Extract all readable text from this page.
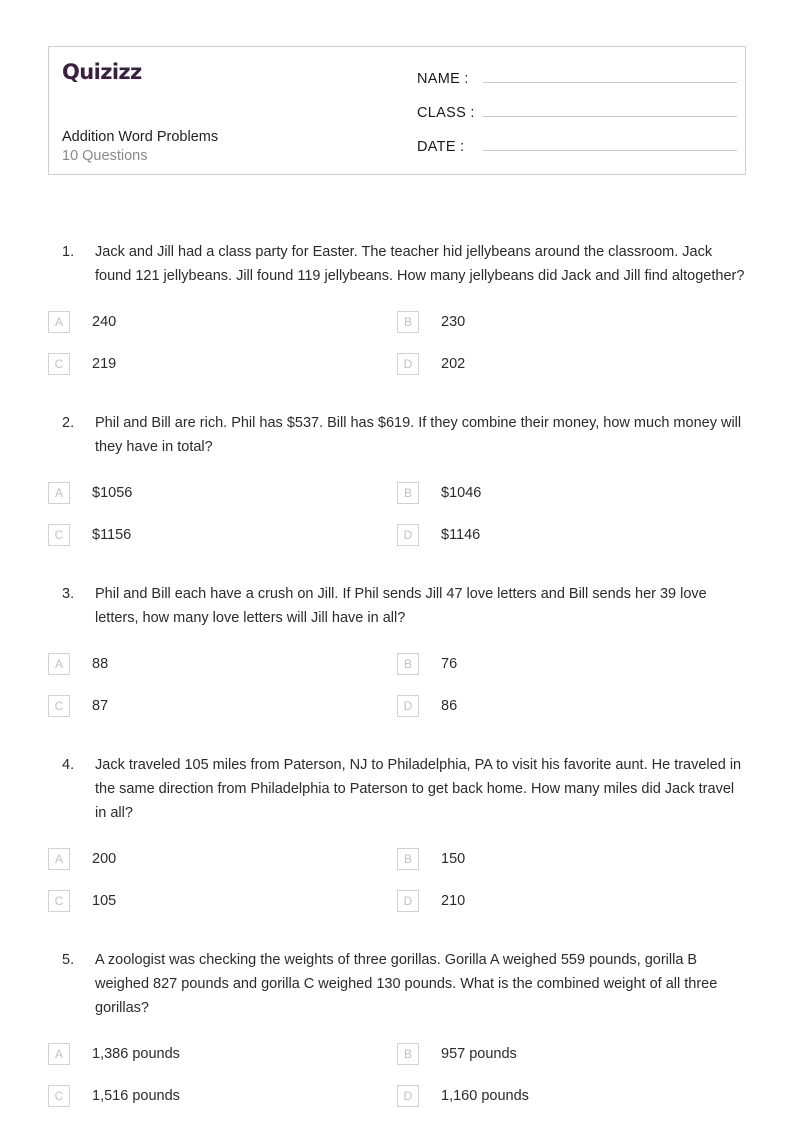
Quizizz
Addition Word Problems
10 Questions
NAME :
CLASS :
DATE :
1.	Jack and Jill had a class party for Easter. The teacher hid jellybeans around the classroom. Jack found 121 jellybeans. Jill found 119 jellybeans. How many jellybeans did Jack and Jill find altogether?
A	240	B	230
C	219	D	202
2.	Phil and Bill are rich. Phil has $537. Bill has $619. If they combine their money, how much money will they have in total?
A	$1056	B	$1046
C	$1156	D	$1146
3.	Phil and Bill each have a crush on Jill. If Phil sends Jill 47 love letters and Bill sends her 39 love letters, how many love letters will Jill have in all?
A	88	B	76
C	87	D	86
4.	Jack traveled 105 miles from Paterson, NJ to Philadelphia, PA to visit his favorite aunt. He traveled in the same direction from Philadelphia to Paterson to get back home. How many miles did Jack travel in all?
A	200	B	150
C	105	D	210
5.	A zoologist was checking the weights of three gorillas. Gorilla A weighed 559 pounds, gorilla B weighed 827 pounds and gorilla C weighed 130 pounds. What is the combined weight of all three gorillas?
A	1,386 pounds	B	957 pounds
C	1,516 pounds	D	1,160 pounds
